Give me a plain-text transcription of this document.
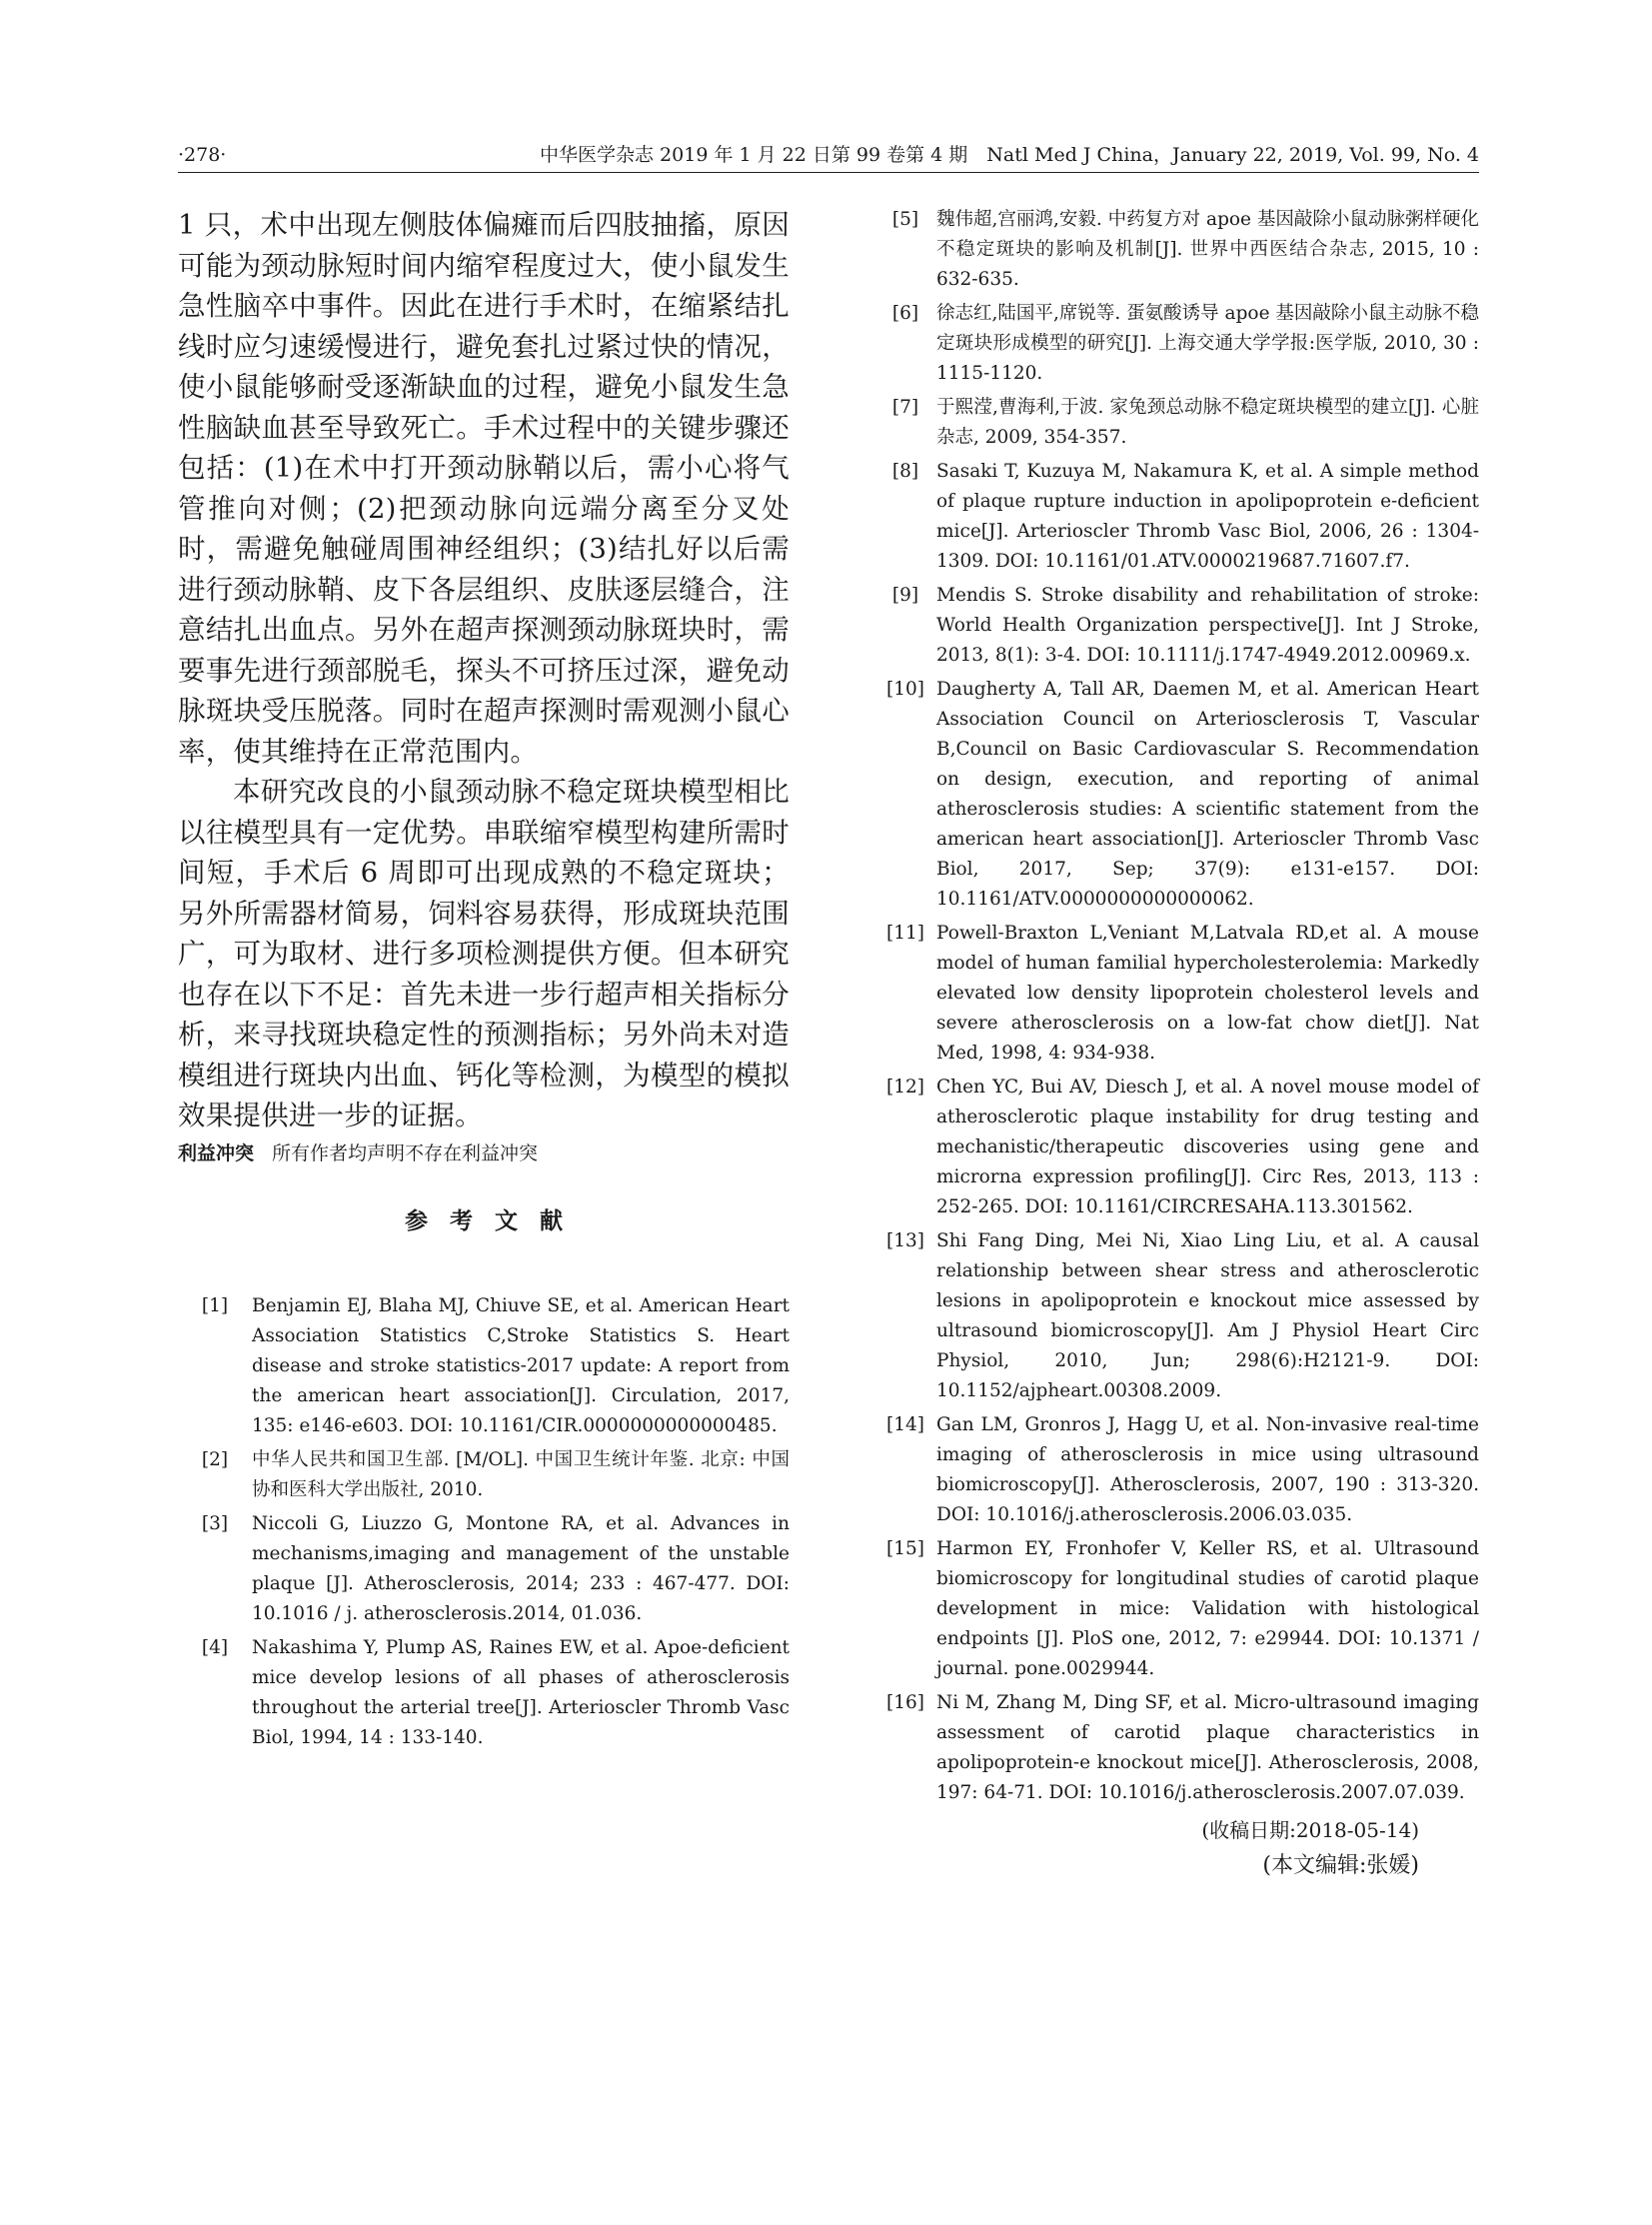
·278·	中华医学杂志 2019 年 1 月 22 日第 99 卷第 4 期　Natl Med J China，January 22, 2019, Vol. 99, No. 4

1 只，术中出现左侧肢体偏瘫而后四肢抽搐，原因可能为颈动脉短时间内缩窄程度过大，使小鼠发生急性脑卒中事件。因此在进行手术时，在缩紧结扎线时应匀速缓慢进行，避免套扎过紧过快的情况，使小鼠能够耐受逐渐缺血的过程，避免小鼠发生急性脑缺血甚至导致死亡。手术过程中的关键步骤还包括：(1)在术中打开颈动脉鞘以后，需小心将气管推向对侧；(2)把颈动脉向远端分离至分叉处时，需避免触碰周围神经组织；(3)结扎好以后需进行颈动脉鞘、皮下各层组织、皮肤逐层缝合，注意结扎出血点。另外在超声探测颈动脉斑块时，需要事先进行颈部脱毛，探头不可挤压过深，避免动脉斑块受压脱落。同时在超声探测时需观测小鼠心率，使其维持在正常范围内。

本研究改良的小鼠颈动脉不稳定斑块模型相比以往模型具有一定优势。串联缩窄模型构建所需时间短，手术后 6 周即可出现成熟的不稳定斑块；另外所需器材简易，饲料容易获得，形成斑块范围广，可为取材、进行多项检测提供方便。但本研究也存在以下不足：首先未进一步行超声相关指标分析，来寻找斑块稳定性的预测指标；另外尚未对造模组进行斑块内出血、钙化等检测，为模型的模拟效果提供进一步的证据。

利益冲突 所有作者均声明不存在利益冲突
参考文献
[1]	Benjamin EJ, Blaha MJ, Chiuve SE, et al. American Heart Association Statistics C,Stroke Statistics S. Heart disease and stroke statistics-2017 update: A report from the american heart association[J]. Circulation, 2017, 135: e146-e603. DOI: 10.1161/CIR.0000000000000485.
[2]	中华人民共和国卫生部. [M/OL]. 中国卫生统计年鉴. 北京: 中国协和医科大学出版社, 2010.
[3]	Niccoli G, Liuzzo G, Montone RA, et al. Advances in mechanisms,imaging and management of the unstable plaque [J]. Atherosclerosis, 2014; 233 : 467-477. DOI: 10.1016 / j. atherosclerosis.2014, 01.036.
[4]	Nakashima Y, Plump AS, Raines EW, et al. Apoe-deficient mice develop lesions of all phases of atherosclerosis throughout the arterial tree[J]. Arterioscler Thromb Vasc Biol, 1994, 14 : 133-140.
[5] 魏伟超,宫丽鸿,安毅. 中药复方对 apoe 基因敲除小鼠动脉粥样硬化不稳定斑块的影响及机制[J]. 世界中西医结合杂志, 2015, 10 : 632-635.
[6] 徐志红,陆国平,席锐等. 蛋氨酸诱导 apoe 基因敲除小鼠主动脉不稳定斑块形成模型的研究[J]. 上海交通大学学报:医学版, 2010, 30 : 1115-1120.
[7] 于熙滢,曹海利,于波. 家兔颈总动脉不稳定斑块模型的建立[J]. 心脏杂志, 2009, 354-357.
[8] Sasaki T, Kuzuya M, Nakamura K, et al. A simple method of plaque rupture induction in apolipoprotein e-deficient mice[J]. Arterioscler Thromb Vasc Biol, 2006, 26 : 1304-1309. DOI: 10.1161/01.ATV.0000219687.71607.f7.
[9] Mendis S. Stroke disability and rehabilitation of stroke: World Health Organization perspective[J]. Int J Stroke, 2013, 8(1): 3-4. DOI: 10.1111/j.1747-4949.2012.00969.x.
[10] Daugherty A, Tall AR, Daemen M, et al. American Heart Association Council on Arteriosclerosis T, Vascular B,Council on Basic Cardiovascular S. Recommendation on design, execution, and reporting of animal atherosclerosis studies: A scientific statement from the american heart association[J]. Arterioscler Thromb Vasc Biol, 2017, Sep; 37(9): e131-e157. DOI: 10.1161/ATV.0000000000000062.
[11] Powell-Braxton L,Veniant M,Latvala RD,et al. A mouse model of human familial hypercholesterolemia: Markedly elevated low density lipoprotein cholesterol levels and severe atherosclerosis on a low-fat chow diet[J]. Nat Med, 1998, 4: 934-938.
[12] Chen YC, Bui AV, Diesch J, et al. A novel mouse model of atherosclerotic plaque instability for drug testing and mechanistic/therapeutic discoveries using gene and microrna expression profiling[J]. Circ Res, 2013, 113 : 252-265. DOI: 10.1161/CIRCRESAHA.113.301562.
[13] Shi Fang Ding, Mei Ni, Xiao Ling Liu, et al. A causal relationship between shear stress and atherosclerotic lesions in apolipoprotein e knockout mice assessed by ultrasound biomicroscopy[J]. Am J Physiol Heart Circ Physiol, 2010, Jun; 298(6):H2121-9. DOI: 10.1152/ajpheart.00308.2009.
[14] Gan LM, Gronros J, Hagg U, et al. Non-invasive real-time imaging of atherosclerosis in mice using ultrasound biomicroscopy[J]. Atherosclerosis, 2007, 190 : 313-320. DOI: 10.1016/j.atherosclerosis.2006.03.035.
[15] Harmon EY, Fronhofer V, Keller RS, et al. Ultrasound biomicroscopy for longitudinal studies of carotid plaque development in mice: Validation with histological endpoints [J]. PloS one, 2012, 7: e29944. DOI: 10.1371 / journal. pone.0029944.
[16] Ni M, Zhang M, Ding SF, et al. Micro-ultrasound imaging assessment of carotid plaque characteristics in apolipoprotein-e knockout mice[J]. Atherosclerosis, 2008, 197: 64-71. DOI: 10.1016/j.atherosclerosis.2007.07.039.
(收稿日期:2018-05-14)
(本文编辑:张媛)
